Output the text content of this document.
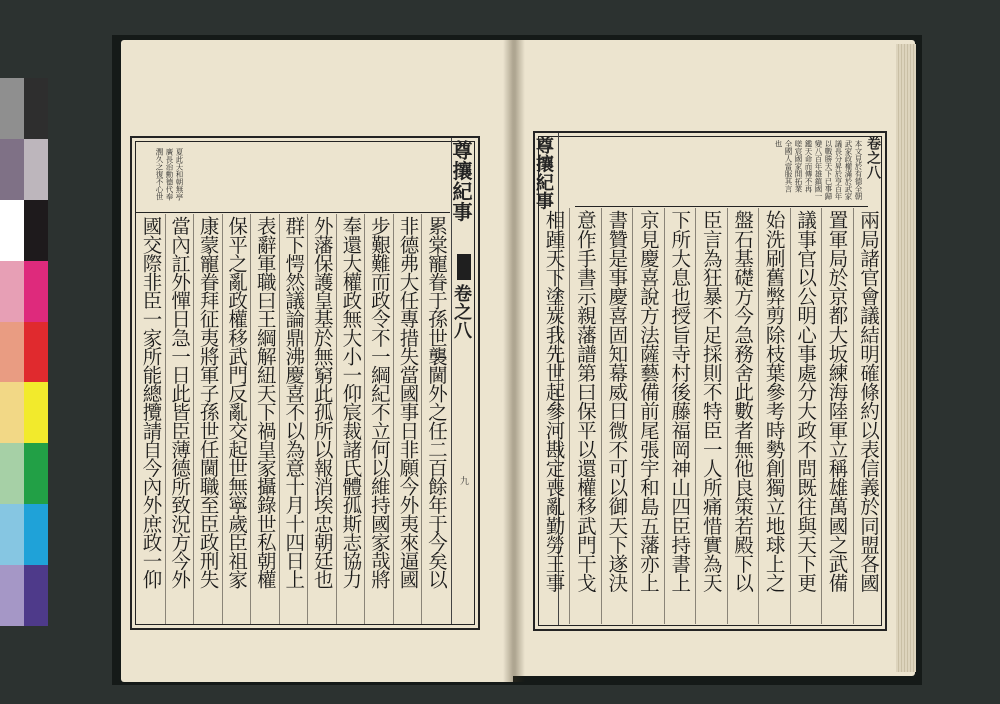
夏此天和朝無亭
廣長治勳德代奉
潤久之復不心世	尊攘紀事
卷之八
九
累棠寵眷于孫世襲閫外之任二百餘年于今矣以
非德弗大任專措失當國事日非願今外夷來逼國
步艱難而政令不一綱紀不立何以維持國家哉將
奉還大權政無大小一仰宸裁諸氏體孤斯志協力
外藩保護皇基於無窮此孤所以報消埃忠朝廷也
群下愕然議論鼎沸慶喜不以為意十月十四日上
表辭軍職曰王綱解紐天下禍皇家攝錄世私朝權
保平之亂政權移武門反亂交起世無寧歲臣祖家
康蒙寵眷拜征夷將軍子孫世任閫職至臣政刑失
當內訌外憚日急一日此皆臣薄德所致況方今外
國交際非臣一家所能總攬請自今內外庶政一仰
尊攘紀事	本文見於有德全朝
武家政權滿於武家
議長分昇於亨百年
以戰勝天下已事歸
變八百年雄鎮國一
鑑天命而傳不再
嗟宸國家開拓業
全國人當服其言
也	卷之八
兩局諸官會議結明確條約以表信義於同盟各國
置軍局於京都大坂練海陸軍立稱雄萬國之武備
議事官以公明心事處分大政不問既往與天下更
始洗刷舊弊剪除枝葉參考時勢創獨立地球上之
盤石基礎方今急務舍此數者無他良策若殿下以
臣言為狂暴不足採則不特臣一人所痛惜實為天
下所大息也授旨寺村後藤福岡神山四臣持書上
京見慶喜說方法薩藝備前尾張宇和島五藩亦上
書贊是事慶喜固知幕威日微不可以御天下遂決
意作手書示親藩譜第曰保平以還權移武門干戈
相踵天下塗炭我先世起參河戡定喪亂勤勞王事
